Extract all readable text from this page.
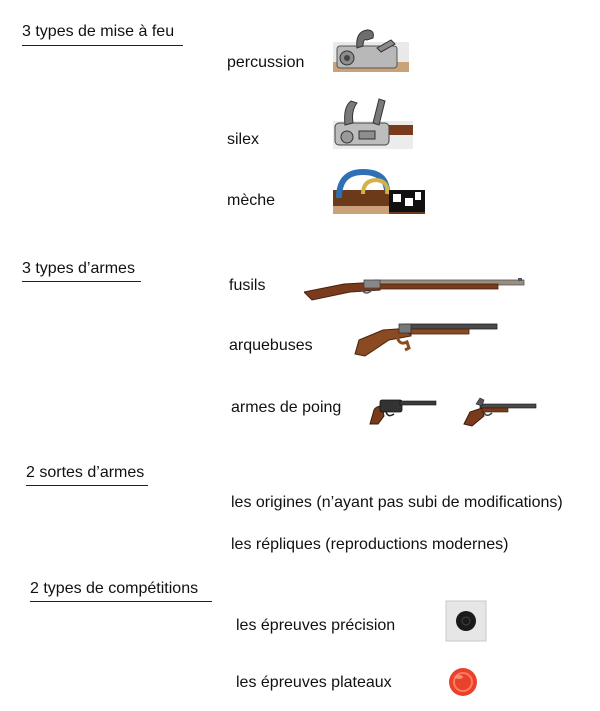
3 types de mise à feu
percussion
silex
mèche
3 types d’armes
fusils
arquebuses
armes de poing
2 sortes d’armes
les origines (n’ayant pas subi de modifications)
les répliques (reproductions modernes)
2 types de compétitions
les épreuves précision
les épreuves plateaux
